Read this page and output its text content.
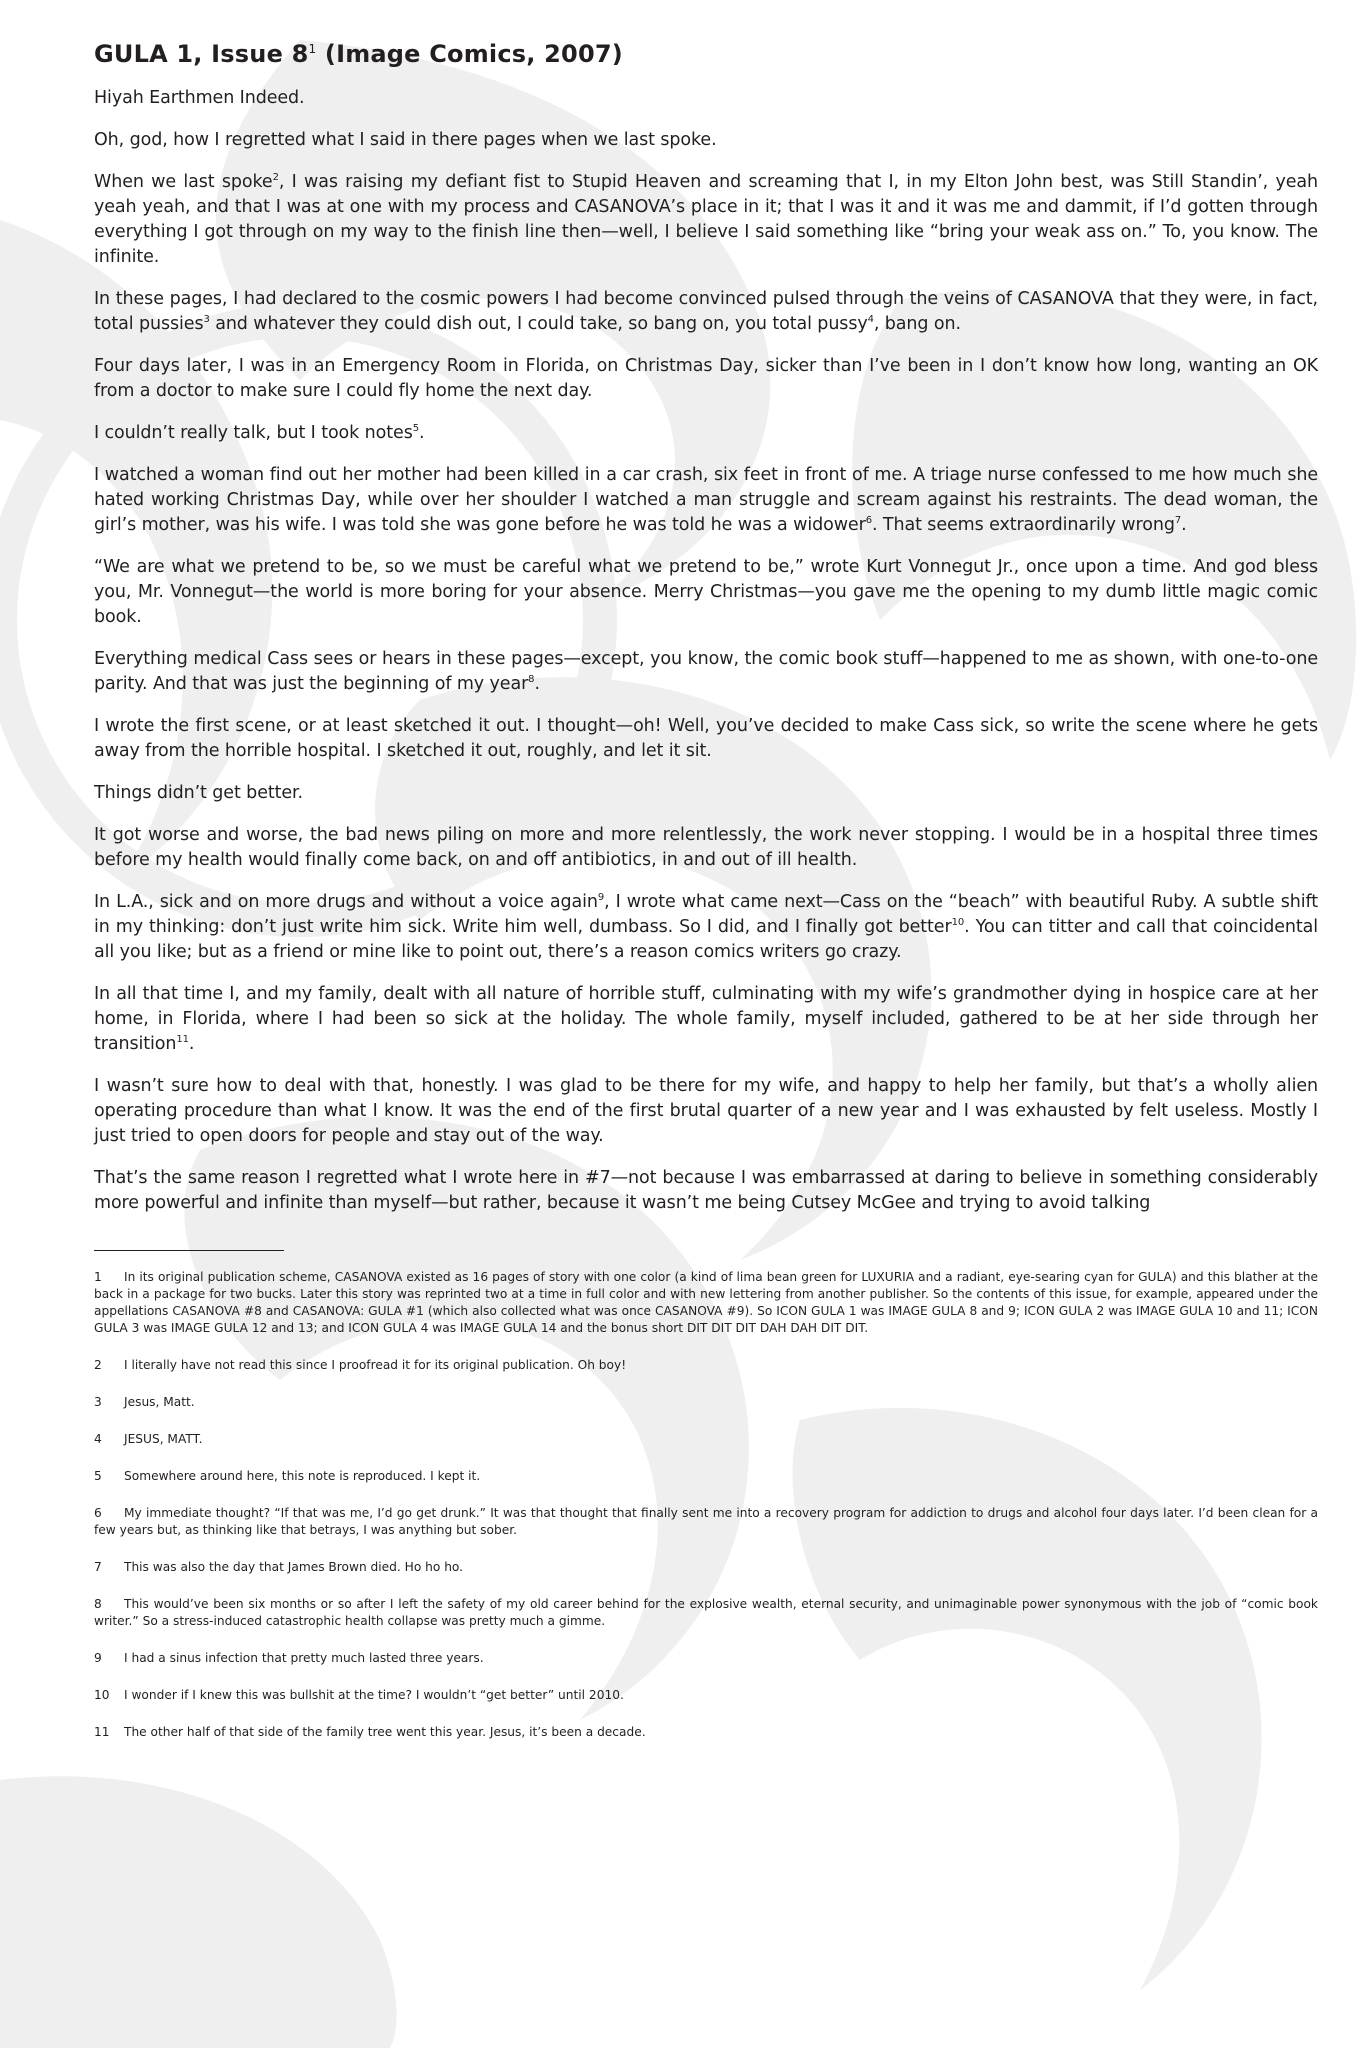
GULA 1, Issue $8^1$ (Image Comics, 2007)

Hiyah Earthmen Indeed.

Oh, god, how I regretted what I said in there pages when we last spoke.

When we last spoke$^2$, I was raising my defiant fist to Stupid Heaven and screaming that I, in my Elton John best, was Still Standin’, yeah yeah yeah, and that I was at one with my process and CASANOVA’s place in it; that I was it and it was me and dammit, if I’d gotten through everything I got through on my way to the finish line then—well, I believe I said something like “bring your weak ass on.” To, you know. The infinite.

In these pages, I had declared to the cosmic powers I had become convinced pulsed through the veins of CASANOVA that they were, in fact, total pussies$^3$ and whatever they could dish out, I could take, so bang on, you total pussy$^4$, bang on.

Four days later, I was in an Emergency Room in Florida, on Christmas Day, sicker than I’ve been in I don’t know how long, wanting an OK from a doctor to make sure I could fly home the next day.

I couldn’t really talk, but I took notes$^5$.

I watched a woman find out her mother had been killed in a car crash, six feet in front of me. A triage nurse confessed to me how much she hated working Christmas Day, while over her shoulder I watched a man struggle and scream against his restraints. The dead woman, the girl’s mother, was his wife. I was told she was gone before he was told he was a widower$^6$. That seems extraordinarily wrong$^7$.

“We are what we pretend to be, so we must be careful what we pretend to be,” wrote Kurt Vonnegut Jr., once upon a time. And god bless you, Mr. Vonnegut—the world is more boring for your absence. Merry Christmas—you gave me the opening to my dumb little magic comic book.

Everything medical Cass sees or hears in these pages—except, you know, the comic book stuff—happened to me as shown, with one-to-one parity. And that was just the beginning of my year$^8$.

I wrote the first scene, or at least sketched it out. I thought—oh! Well, you’ve decided to make Cass sick, so write the scene where he gets away from the horrible hospital. I sketched it out, roughly, and let it sit.

Things didn’t get better.

It got worse and worse, the bad news piling on more and more relentlessly, the work never stopping. I would be in a hospital three times before my health would finally come back, on and off antibiotics, in and out of ill health.

In L.A., sick and on more drugs and without a voice again$^9$, I wrote what came next—Cass on the “beach” with beautiful Ruby. A subtle shift in my thinking: don’t just write him sick. Write him well, dumbass. So I did, and I finally got better$^{10}$. You can titter and call that coincidental all you like; but as a friend or mine like to point out, there’s a reason comics writers go crazy.

In all that time I, and my family, dealt with all nature of horrible stuff, culminating with my wife’s grandmother dying in hospice care at her home, in Florida, where I had been so sick at the holiday. The whole family, myself included, gathered to be at her side through her transition$^{11}$.

I wasn’t sure how to deal with that, honestly. I was glad to be there for my wife, and happy to help her family, but that’s a wholly alien operating procedure than what I know. It was the end of the first brutal quarter of a new year and I was exhausted by felt useless. Mostly I just tried to open doors for people and stay out of the way.

That’s the same reason I regretted what I wrote here in #7—not because I was embarrassed at daring to believe in something considerably more powerful and infinite than myself—but rather, because it wasn’t me being Cutsey McGee and trying to avoid talking

1 In its original publication scheme, CASANOVA existed as 16 pages of story with one color (a kind of lima bean green for LUXURIA and a radiant, eye-searing cyan for GULA) and this blather at the back in a package for two bucks. Later this story was reprinted two at a time in full color and with new lettering from another publisher. So the contents of this issue, for example, appeared under the appellations CASANOVA #8 and CASANOVA: GULA #1 (which also collected what was once CASANOVA #9). So ICON GULA 1 was IMAGE GULA 8 and 9; ICON GULA 2 was IMAGE GULA 10 and 11; ICON GULA 3 was IMAGE GULA 12 and 13; and ICON GULA 4 was IMAGE GULA 14 and the bonus short DIT DIT DIT DAH DAH DIT DIT.
2 I literally have not read this since I proofread it for its original publication. Oh boy!
3 Jesus, Matt.
4 JESUS, MATT.
5 Somewhere around here, this note is reproduced. I kept it.
6 My immediate thought? “If that was me, I’d go get drunk.” It was that thought that finally sent me into a recovery program for addiction to drugs and alcohol four days later. I’d been clean for a few years but, as thinking like that betrays, I was anything but sober.
7 This was also the day that James Brown died. Ho ho ho.
8 This would’ve been six months or so after I left the safety of my old career behind for the explosive wealth, eternal security, and unimaginable power synonymous with the job of “comic book writer.” So a stress-induced catastrophic health collapse was pretty much a gimme.
9 I had a sinus infection that pretty much lasted three years.
10 I wonder if I knew this was bullshit at the time? I wouldn’t “get better” until 2010.
11 The other half of that side of the family tree went this year. Jesus, it’s been a decade.
